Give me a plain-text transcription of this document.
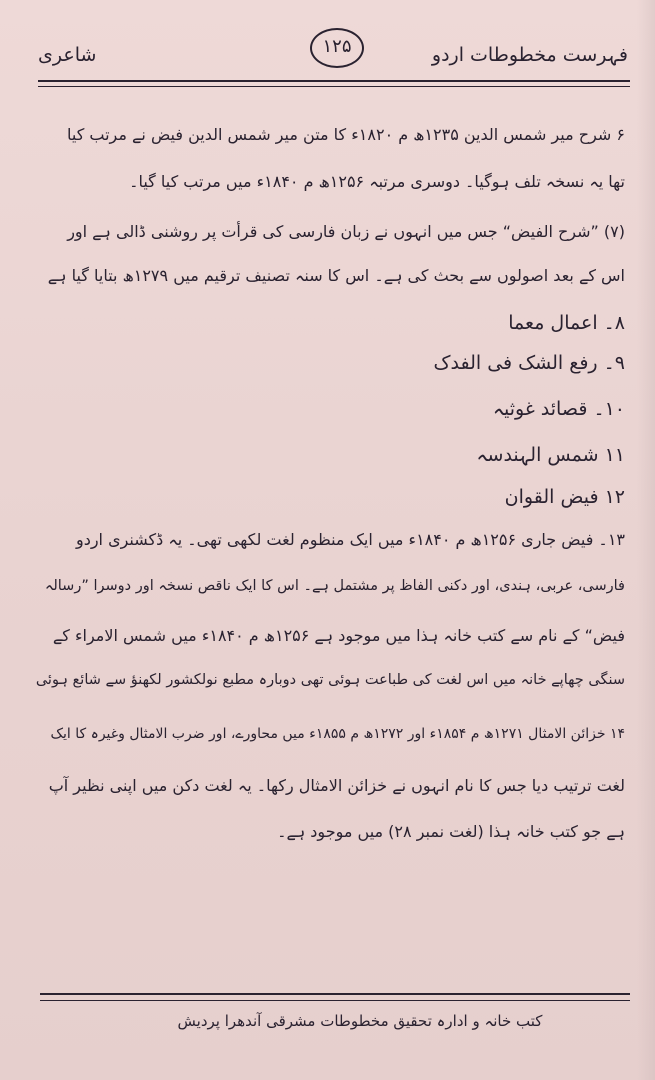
فہرست مخطوطات اردو
۱۲۵
شاعری
۶ شرح میر شمس الدین ۱۲۳۵ھ م ۱۸۲۰ء کا متن میر شمس الدین فیض نے مرتب کیا
تھا یہ نسخہ تلف ہوگیا۔ دوسری مرتبہ ۱۲۵۶ھ م ۱۸۴۰ء میں مرتب کیا گیا۔
(۷) ”شرح الفیض“ جس میں انہوں نے زبان فارسی کی قرأت پر روشنی ڈالی ہے اور
اس کے بعد اصولوں سے بحث کی ہے۔ اس کا سنہ تصنیف ترقیم میں ۱۲۷۹ھ بتایا گیا ہے
۸۔ اعمال معما
۹۔ رفع الشک فی الفدک
۱۰۔ قصائد غوثیہ
۱۱ شمس الہندسہ
۱۲ فیض القوان
۱۳۔ فیض جاری ۱۲۵۶ھ م ۱۸۴۰ء میں ایک منظوم لغت لکھی تھی۔ یہ ڈکشنری اردو
فارسی، عربی، ہندی، اور دکنی الفاظ پر مشتمل ہے۔ اس کا ایک ناقص نسخہ اور دوسرا ”رسالہ
فیض“ کے نام سے کتب خانہ ہذا میں موجود ہے ۱۲۵۶ھ م ۱۸۴۰ء میں شمس الامراء کے
سنگی چھاپے خانہ میں اس لغت کی طباعت ہوئی تھی دوبارہ مطبع نولکشور لکھنؤ سے شائع ہوئی
۱۴ خزائن الامثال ۱۲۷۱ھ م ۱۸۵۴ء اور ۱۲۷۲ھ م ۱۸۵۵ء میں محاورے، اور ضرب الامثال وغیرہ کا ایک
لغت ترتیب دیا جس کا نام انہوں نے خزائن الامثال رکھا۔ یہ لغت دکن میں اپنی نظیر آپ
ہے جو کتب خانہ ہذا (لغت نمبر ۲۸) میں موجود ہے۔
کتب خانہ و ادارہ تحقیق مخطوطات مشرقی آندھرا پردیش
